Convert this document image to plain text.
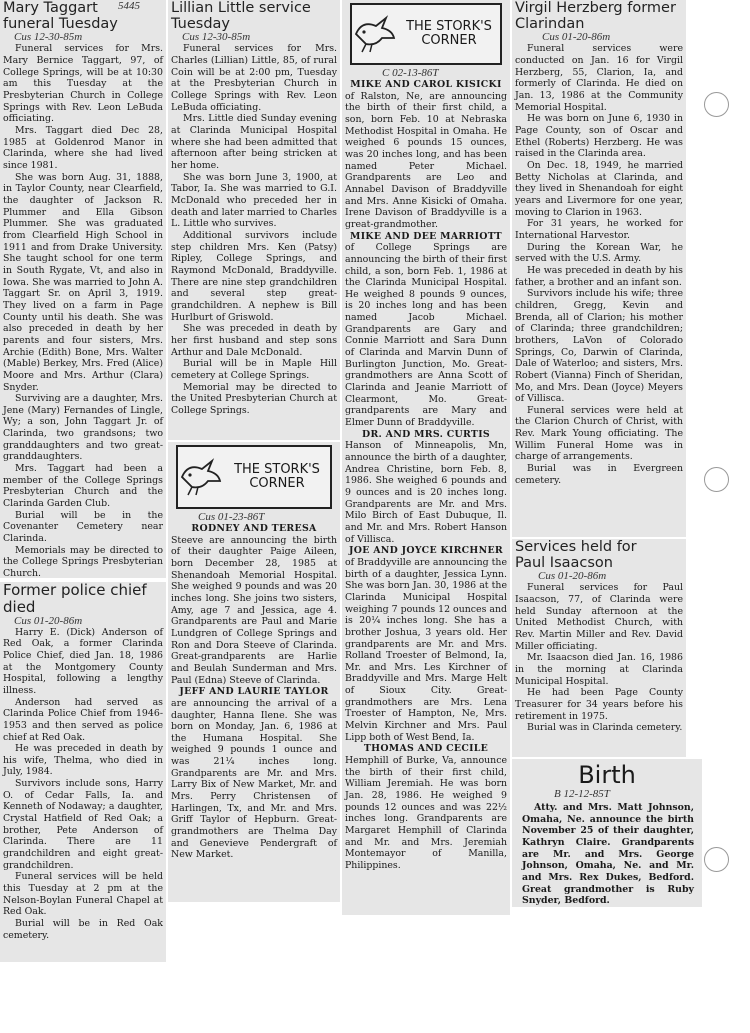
Mary Taggart
funeral Tuesday
Cus 12-30-85m

Funeral services for Mrs. Mary Bernice Taggart, 97, of College Springs, will be at 10:30 am this Tuesday at the Presbyterian Church in College Springs with Rev. Leon LeBuda officiating.

Mrs. Taggart died Dec 28, 1985 at Goldenrod Manor in Clarinda, where she had lived since 1981.

She was born Aug. 31, 1888, in Taylor County, near Clearfield, the daughter of Jackson R. Plummer and Ella Gibson Plummer. She was graduated from Clearfield High School in 1911 and from Drake University. She taught school for one term in South Rygate, Vt, and also in Iowa. She was married to John A. Taggart Sr. on April 3, 1919. They lived on a farm in Page County until his death. She was also preceded in death by her parents and four sisters, Mrs. Archie (Edith) Bone, Mrs. Walter (Mable) Berkey, Mrs. Fred (Alice) Moore and Mrs. Arthur (Clara) Snyder.

Surviving are a daughter, Mrs. Jene (Mary) Fernandes of Lingle, Wy; a son, John Taggart Jr. of Clarinda, two grandsons; two granddaughters and two great-granddaughters.

Mrs. Taggart had been a member of the College Springs Presbyterian Church and the Clarinda Garden Club.

Burial will be in the Covenanter Cemetery near Clarinda.

Memorials may be directed to the College Springs Presbyterian Church.

5445
Former police chief died
Cus 01-20-86m

Harry E. (Dick) Anderson of Red Oak, a former Clarinda Police Chief, died Jan. 18, 1986 at the Montgomery County Hospital, following a lengthy illness.

Anderson had served as Clarinda Police Chief from 1946-1953 and then served as police chief at Red Oak.

He was preceded in death by his wife, Thelma, who died in July, 1984.

Survivors include sons, Harry O. of Cedar Falls, Ia. and Kenneth of Nodaway; a daughter, Crystal Hatfield of Red Oak; a brother, Pete Anderson of Clarinda. There are 11 grandchildren and eight great-grandchildren.

Funeral services will be held this Tuesday at 2 pm at the Nelson-Boylan Funeral Chapel at Red Oak.

Burial will be in Red Oak cemetery.

Lillian Little service Tuesday
Cus 12-30-85m

Funeral services for Mrs. Charles (Lillian) Little, 85, of rural Coin will be at 2:00 pm, Tuesday at the Presbyterian Church in College Springs with Rev. Leon LeBuda officiating.

Mrs. Little died Sunday evening at Clarinda Municipal Hospital where she had been admitted that afternoon after being stricken at her home.

She was born June 3, 1900, at Tabor, Ia. She was married to G.I. McDonald who preceded her in death and later married to Charles L. Little who survives.

Additional survivors include step children Mrs. Ken (Patsy) Ripley, College Springs, and Raymond McDonald, Braddyville. There are nine step grandchildren and several step great-grandchildren. A nephew is Bill Hurlburt of Griswold.

She was preceded in death by her first husband and step sons Arthur and Dale McDonald.

Burial will be in Maple Hill cemetery at College Springs.

Memorial may be directed to the United Presbyterian Church at College Springs.

THE STORK'S CORNER
Cus 01-23-86T

RODNEY AND TERESA

Steeve are announcing the birth of their daughter Paige Aileen, born December 28, 1985 at Shenandoah Memorial Hospital. She weighed 9 pounds and was 20 inches long. She joins two sisters, Amy, age 7 and Jessica, age 4. Grandparents are Paul and Marie Lundgren of College Springs and Ron and Dora Steeve of Clarinda. Great-grandparents are Harlie and Beulah Sunderman and Mrs. Paul (Edna) Steeve of Clarinda.

JEFF AND LAURIE TAYLOR

are announcing the arrival of a daughter, Hanna Ilene. She was born on Monday, Jan. 6, 1986 at the Humana Hospital. She weighed 9 pounds 1 ounce and was 21¼ inches long. Grandparents are Mr. and Mrs. Larry Bix of New Market, Mr. and Mrs. Perry Christensen of Harlingen, Tx, and Mr. and Mrs. Griff Taylor of Hepburn. Great-grandmothers are Thelma Day and Genevieve Pendergraft of New Market.

THE STORK'S CORNER
C 02-13-86T

MIKE AND CAROL KISICKI

of Ralston, Ne, are announcing the birth of their first child, a son, born Feb. 10 at Nebraska Methodist Hospital in Omaha. He weighed 6 pounds 15 ounces, was 20 inches long, and has been named Peter Michael. Grandparents are Leo and Annabel Davison of Braddyville and Mrs. Anne Kisicki of Omaha. Irene Davison of Braddyville is a great-grandmother.

MIKE AND DEE MARRIOTT

of College Springs are announcing the birth of their first child, a son, born Feb. 1, 1986 at the Clarinda Municipal Hospital. He weighed 8 pounds 9 ounces, is 20 inches long and has been named Jacob Michael. Grandparents are Gary and Connie Marriott and Sara Dunn of Clarinda and Marvin Dunn of Burlington Junction, Mo. Great-grandmothers are Anna Scott of Clarinda and Jeanie Marriott of Clearmont, Mo. Great-grandparents are Mary and Elmer Dunn of Braddyville.

DR. AND MRS. CURTIS

Hanson of Minneapolis, Mn, announce the birth of a daughter, Andrea Christine, born Feb. 8, 1986. She weighed 6 pounds and 9 ounces and is 20 inches long. Grandparents are Mr. and Mrs. Milo Birch of East Dubuque, Il. and Mr. and Mrs. Robert Hanson of Villisca.

JOE AND JOYCE KIRCHNER

of Braddyville are announcing the birth of a daughter, Jessica Lynn. She was born Jan. 30, 1986 at the Clarinda Municipal Hospital weighing 7 pounds 12 ounces and is 20¼ inches long. She has a brother Joshua, 3 years old. Her grandparents are Mr. and Mrs. Rolland Troester of Belmond, Ia, Mr. and Mrs. Les Kirchner of Braddyville and Mrs. Marge Helt of Sioux City. Great-grandmothers are Mrs. Lena Troester of Hampton, Ne, Mrs. Melvin Kirchner and Mrs. Paul Lipp both of West Bend, Ia.

THOMAS AND CECILE

Hemphill of Burke, Va, announce the birth of their first child, William Jeremiah. He was born Jan. 28, 1986. He weighed 9 pounds 12 ounces and was 22½ inches long. Grandparents are Margaret Hemphill of Clarinda and Mr. and Mrs. Jeremiah Montemayor of Manilla, Philippines.

Virgil Herzberg former Clarindan
Cus 01-20-86m

Funeral services were conducted on Jan. 16 for Virgil Herzberg, 55, Clarion, Ia, and formerly of Clarinda. He died on Jan. 13, 1986 at the Community Memorial Hospital.

He was born on June 6, 1930 in Page County, son of Oscar and Ethel (Roberts) Herzberg. He was raised in the Clarinda area.

On Dec. 18, 1949, he married Betty Nicholas at Clarinda, and they lived in Shenandoah for eight years and Livermore for one year, moving to Clarion in 1963.

For 31 years, he worked for International Harvestor.

During the Korean War, he served with the U.S. Army.

He was preceded in death by his father, a brother and an infant son.

Survivors include his wife; three children, Gregg, Kevin and Brenda, all of Clarion; his mother of Clarinda; three grandchildren; brothers, LaVon of Colorado Springs, Co, Darwin of Clarinda, Dale of Waterloo; and sisters, Mrs. Robert (Vianna) Finch of Sheridan, Mo, and Mrs. Dean (Joyce) Meyers of Villisca.

Funeral services were held at the Clarion Church of Christ, with Rev. Mark Young officiating. The Willim Funeral Home was in charge of arrangements.

Burial was in Evergreen cemetery.

Services held for Paul Isaacson
Cus 01-20-86m

Funeral services for Paul Isaacson, 77, of Clarinda were held Sunday afternoon at the United Methodist Church, with Rev. Martin Miller and Rev. David Miller officiating.

Mr. Isaacson died Jan. 16, 1986 in the morning at Clarinda Municipal Hospital.

He had been Page County Treasurer for 34 years before his retirement in 1975.

Burial was in Clarinda cemetery.

Birth
B 12-12-85T

Atty. and Mrs. Matt Johnson, Omaha, Ne. announce the birth November 25 of their daughter, Kathryn Claire. Grandparents are Mr. and Mrs. George Johnson, Omaha, Ne. and Mr. and Mrs. Rex Dukes, Bedford. Great grandmother is Ruby Snyder, Bedford.
